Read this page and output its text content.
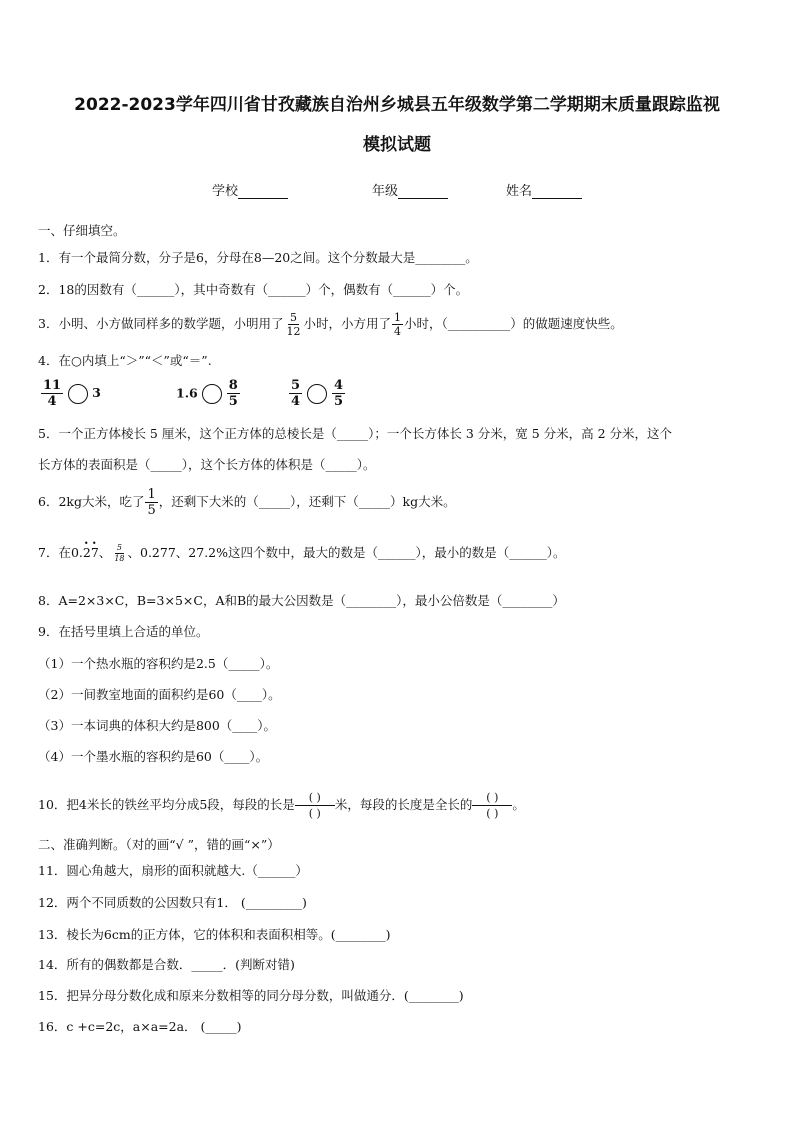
2022-2023学年四川省甘孜藏族自治州乡城县五年级数学第二学期期末质量跟踪监视
模拟试题
学校	年级	姓名
一、仔细填空。
1．有一个最简分数，分子是6，分母在8—20之间。这个分数最大是________。
2．18的因数有（______），其中奇数有（______）个，偶数有（______）个。
3．小明、小方做同样多的数学题，小明用了 $\frac{5}{12}$ 小时，小方用了 $\frac{1}{4}$ 小时，（__________）的做题速度快些。
4．在○内填上“＞”“＜”或“＝”.
$\frac{11}{4} 3$	$1.6 \frac{8}{5}$	$\frac{5}{4} \frac{4}{5}$
5．一个正方体棱长 5 厘米，这个正方体的总棱长是（_____）；一个长方体长 3 分米，宽 5 分米，高 2 分米，这个
长方体的表面积是（_____），这个长方体的体积是（_____）。
6．2kg大米，吃了 $\frac{1}{5}$ ，还剩下大米的（_____），还剩下（_____）kg大米。
7．在0.• 2• 7、 $\frac{5}{18}$ 、0.277、27.2%这四个数中，最大的数是（______），最小的数是（______）。
8．A=2×3×C，B=3×5×C，A和B的最大公因数是（________），最小公倍数是（________）
9．在括号里填上合适的单位。
（1）一个热水瓶的容积约是2.5（_____）。
（2）一间教室地面的面积约是60（____）。
（3）一本词典的体积大约是800（____）。
（4）一个墨水瓶的容积约是60（____）。
10．把4米长的铁丝平均分成5段，每段的长是 $\frac{( )}{( )}$ 米，每段的长度是全长的 $\frac{( )}{( )}$ 。
二、准确判断。（对的画“√ ”，错的画“×”）
11．圆心角越大，扇形的面积就越大.（______）
12．两个不同质数的公因数只有1． (_________)
13．棱长为6cm的正方体，它的体积和表面积相等。(________)
14．所有的偶数都是合数．_____．(判断对错)
15．把异分母分数化成和原来分数相等的同分母分数，叫做通分．(________)
16．c +c=2c，a×a=2a． (_____)
